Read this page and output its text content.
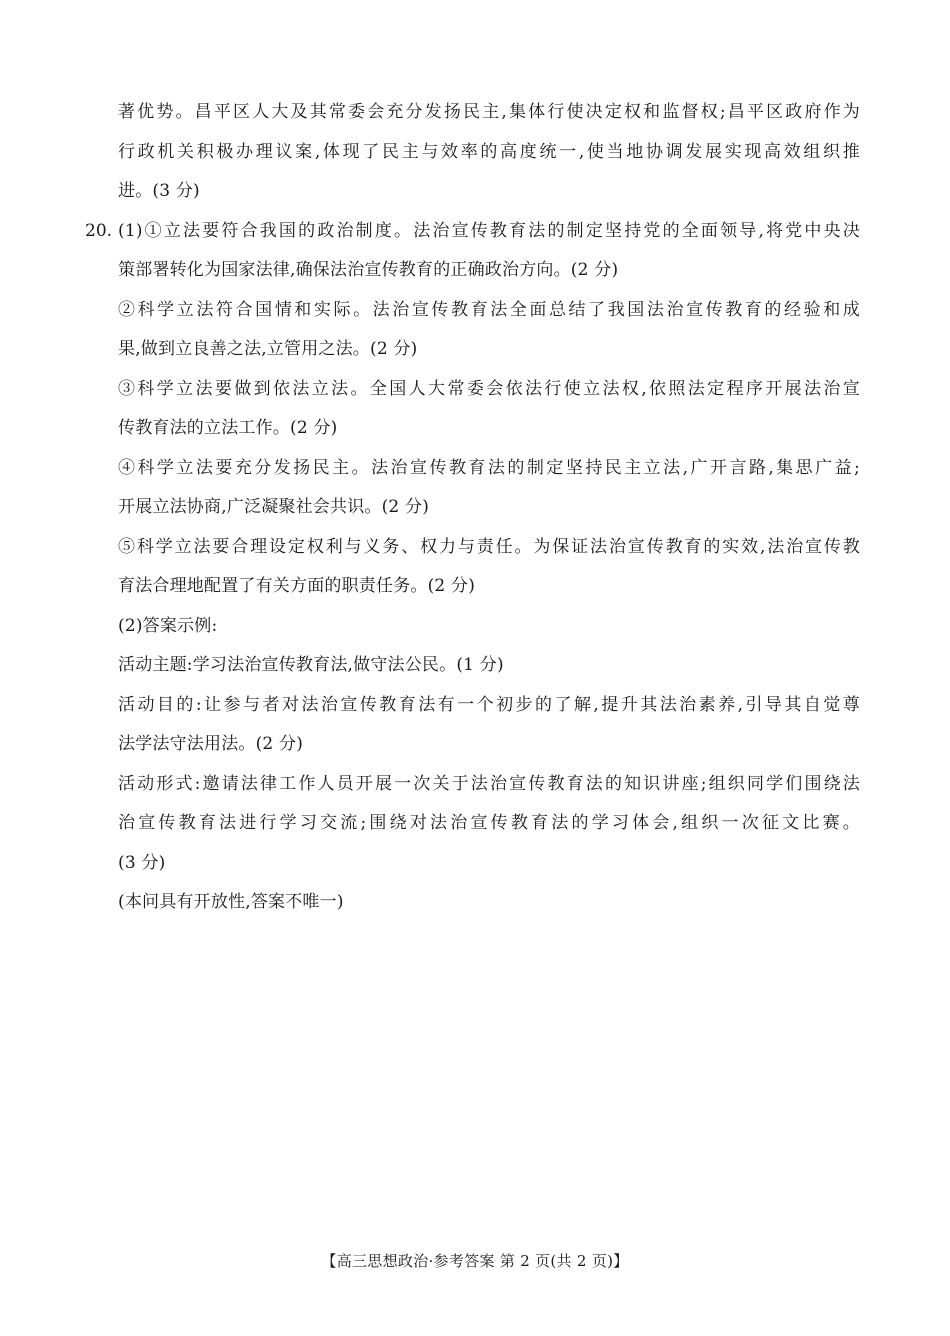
著优势。昌平区人大及其常委会充分发扬民主,集体行使决定权和监督权;昌平区政府作为
行政机关积极办理议案,体现了民主与效率的高度统一,使当地协调发展实现高效组织推
进。(3 分)
20. (1)①立法要符合我国的政治制度。法治宣传教育法的制定坚持党的全面领导,将党中央决
策部署转化为国家法律,确保法治宣传教育的正确政治方向。(2 分)
②科学立法符合国情和实际。法治宣传教育法全面总结了我国法治宣传教育的经验和成
果,做到立良善之法,立管用之法。(2 分)
③科学立法要做到依法立法。全国人大常委会依法行使立法权,依照法定程序开展法治宣
传教育法的立法工作。(2 分)
④科学立法要充分发扬民主。法治宣传教育法的制定坚持民主立法,广开言路,集思广益;
开展立法协商,广泛凝聚社会共识。(2 分)
⑤科学立法要合理设定权利与义务、权力与责任。为保证法治宣传教育的实效,法治宣传教
育法合理地配置了有关方面的职责任务。(2 分)
(2)答案示例:
活动主题:学习法治宣传教育法,做守法公民。(1 分)
活动目的:让参与者对法治宣传教育法有一个初步的了解,提升其法治素养,引导其自觉尊
法学法守法用法。(2 分)
活动形式:邀请法律工作人员开展一次关于法治宣传教育法的知识讲座;组织同学们围绕法
治宣传教育法进行学习交流;围绕对法治宣传教育法的学习体会,组织一次征文比赛。
(3 分)
(本问具有开放性,答案不唯一)
【高三思想政治·参考答案 第 2 页(共 2 页)】
